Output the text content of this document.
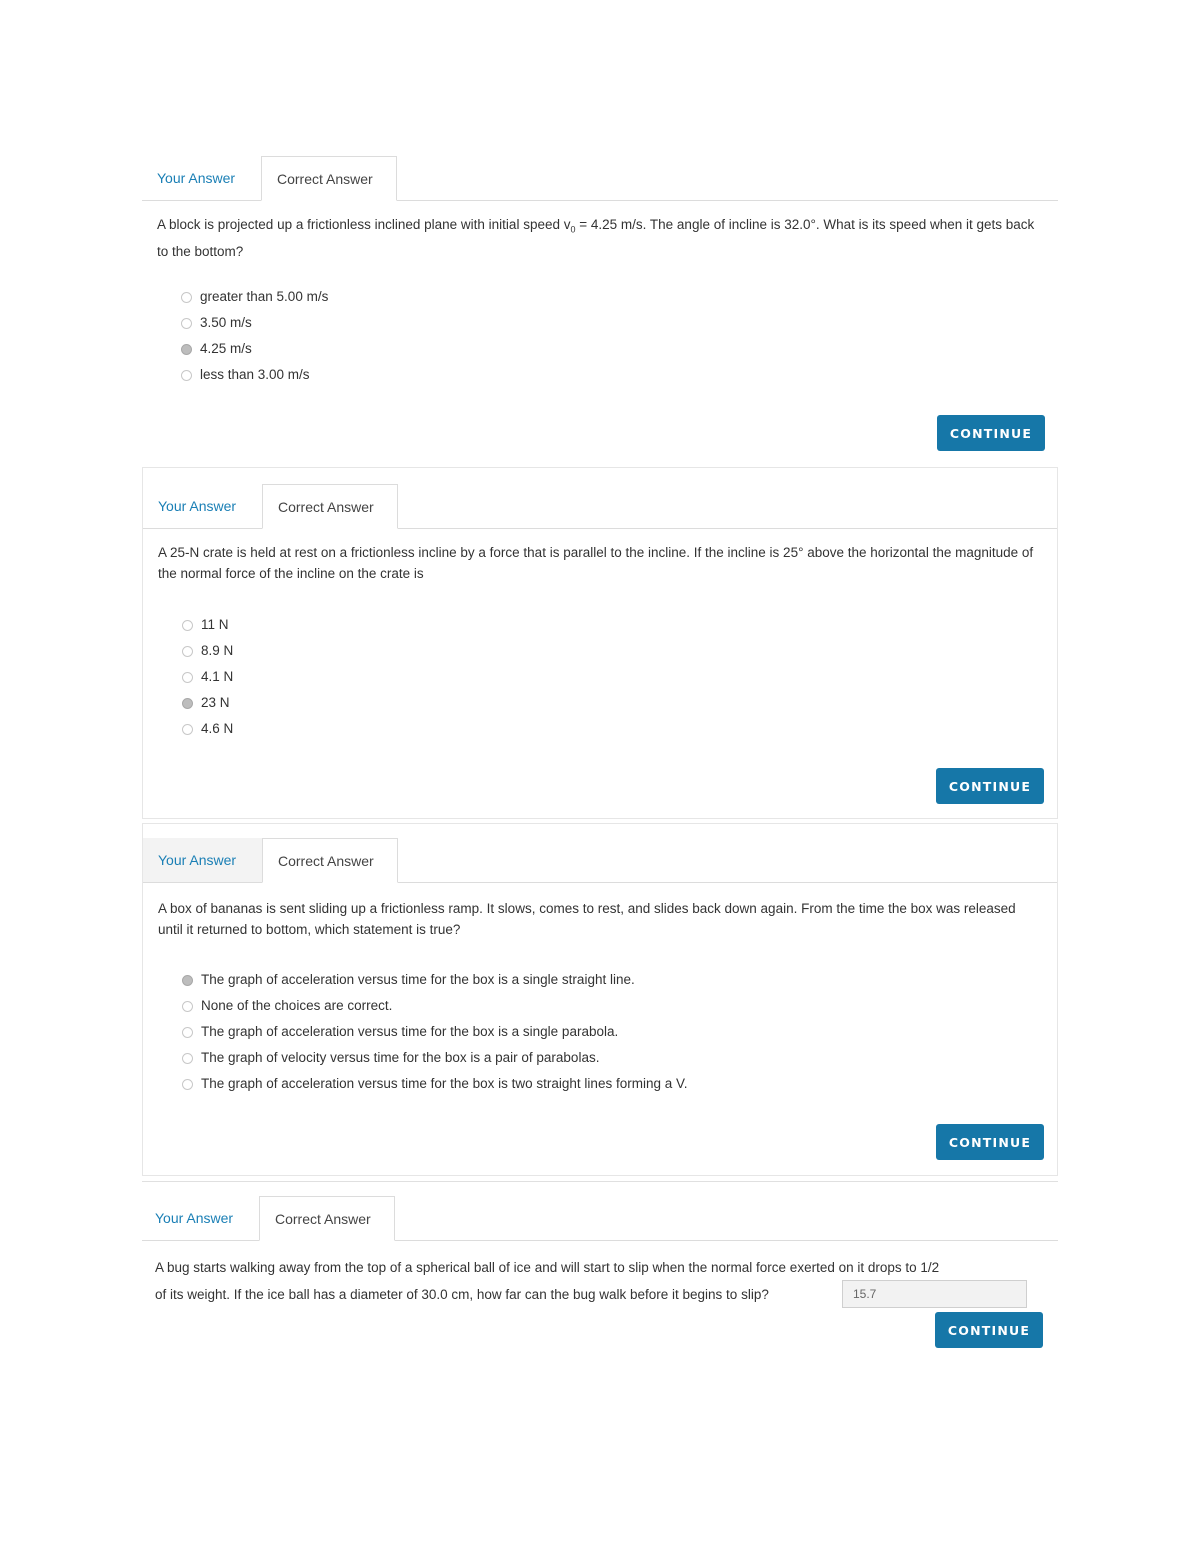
Your Answer	Correct Answer
A block is projected up a frictionless inclined plane with initial speed $v_0 = 4.25$ m/s. The angle of incline is 32.0°. What is its speed when it gets back to the bottom?
greater than 5.00 m/s
3.50 m/s
4.25 m/s
less than 3.00 m/s
CONTINUE
Your Answer	Correct Answer
A 25-N crate is held at rest on a frictionless incline by a force that is parallel to the incline. If the incline is 25° above the horizontal the magnitude of the normal force of the incline on the crate is
11 N
8.9 N
4.1 N
23 N
4.6 N
CONTINUE
Your Answer	Correct Answer
A box of bananas is sent sliding up a frictionless ramp. It slows, comes to rest, and slides back down again. From the time the box was released until it returned to bottom, which statement is true?
The graph of acceleration versus time for the box is a single straight line.
None of the choices are correct.
The graph of acceleration versus time for the box is a single parabola.
The graph of velocity versus time for the box is a pair of parabolas.
The graph of acceleration versus time for the box is two straight lines forming a V.
CONTINUE
Your Answer	Correct Answer
A bug starts walking away from the top of a spherical ball of ice and will start to slip when the normal force exerted on it drops to 1/2
of its weight. If the ice ball has a diameter of 30.0 cm, how far can the bug walk before it begins to slip?
15.7
CONTINUE
